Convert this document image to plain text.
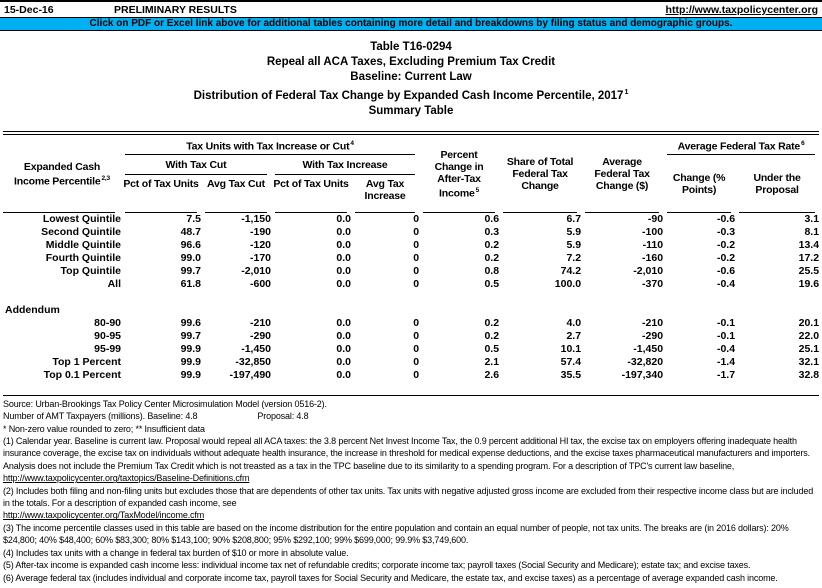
15-Dec-16	PRELIMINARY RESULTS	http://www.taxpolicycenter.org
Click on PDF or Excel link above for additional tables containing more detail and breakdowns by filing status and demographic groups.
Table T16-0294
Repeal all ACA Taxes, Excluding Premium Tax Credit
Baseline: Current Law
Distribution of Federal Tax Change by Expanded Cash Income Percentile, 2017$^1$
Summary Table
Expanded Cash Income Percentile$^{2,3}$	Tax Units with Tax Increase or Cut$^4$				Percent Change in After-Tax Income$^5$	Share of Total Federal Tax Change	Average Federal Tax Change ($)	Average Federal Tax Rate$^6$
	With Tax Cut		With Tax Increase					Change (% Points)	Under the Proposal
	Pct of Tax Units	Avg Tax Cut	Pct of Tax Units	Avg Tax Increase					
Lowest Quintile	7.5	-1,150	0.0	0	0.6	6.7	-90	-0.6	3.1
Second Quintile	48.7	-190	0.0	0	0.3	5.9	-100	-0.3	8.1
Middle Quintile	96.6	-120	0.0	0	0.2	5.9	-110	-0.2	13.4
Fourth Quintile	99.0	-170	0.0	0	0.2	7.2	-160	-0.2	17.2
Top Quintile	99.7	-2,010	0.0	0	0.8	74.2	-2,010	-0.6	25.5
All	61.8	-600	0.0	0	0.5	100.0	-370	-0.4	19.6

Addendum									
80-90	99.6	-210	0.0	0	0.2	4.0	-210	-0.1	20.1
90-95	99.7	-290	0.0	0	0.2	2.7	-290	-0.1	22.0
95-99	99.9	-1,450	0.0	0	0.5	10.1	-1,450	-0.4	25.1
Top 1 Percent	99.9	-32,850	0.0	0	2.1	57.4	-32,820	-1.4	32.1
Top 0.1 Percent	99.9	-197,490	0.0	0	2.6	35.5	-197,340	-1.7	32.8

Source: Urban-Brookings Tax Policy Center Microsimulation Model (version 0516-2).
Number of AMT Taxpayers (millions). Baseline: 4.8	Proposal: 4.8
* Non-zero value rounded to zero; ** Insufficient data
(1) Calendar year. Baseline is current law. Proposal would repeal all ACA taxes: the 3.8 percent Net Invest Income Tax, the 0.9 percent additional HI tax, the excise tax on employers offering inadequate health insurance coverage, the excise tax on individuals without adequate health insurance, the increase in threshold for medical expense deductions, and the excise taxes pharmaceutical manufacturers and importers. Analysis does not include the Premium Tax Credit which is not treasted as a tax in the TPC baseline due to its similarity to a spending program. For a description of TPC's current law baseline,
http://www.taxpolicycenter.org/taxtopics/Baseline-Definitions.cfm
(2) Includes both filing and non-filing units but excludes those that are dependents of other tax units. Tax units with negative adjusted gross income are excluded from their respective income class but are included in the totals. For a description of expanded cash income, see
http://www.taxpolicycenter.org/TaxModel/income.cfm
(3) The income percentile classes used in this table are based on the income distribution for the entire population and contain an equal number of people, not tax units. The breaks are (in 2016 dollars): 20% $24,800; 40% $48,400; 60% $83,300; 80% $143,100; 90% $208,800; 95% $292,100; 99% $699,000; 99.9% $3,749,600.
(4) Includes tax units with a change in federal tax burden of $10 or more in absolute value.
(5) After-tax income is expanded cash income less: individual income tax net of refundable credits; corporate income tax; payroll taxes (Social Security and Medicare); estate tax; and excise taxes.
(6) Average federal tax (includes individual and corporate income tax, payroll taxes for Social Security and Medicare, the estate tax, and excise taxes) as a percentage of average expanded cash income.
